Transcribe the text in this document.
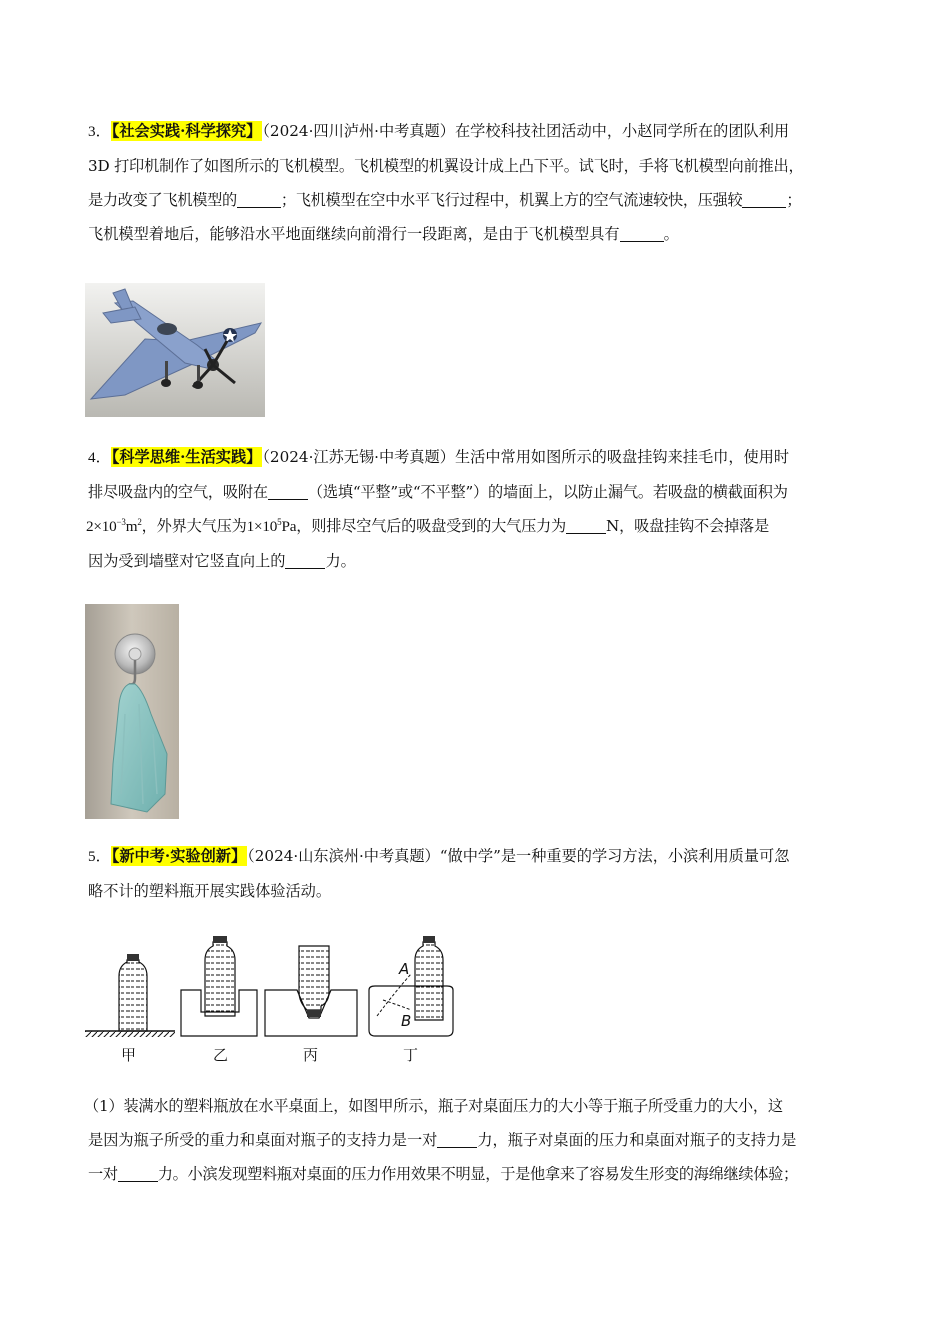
3．【社会实践·科学探究】（2024·四川泸州·中考真题）在学校科技社团活动中，小赵同学所在的团队利用

3D 打印机制作了如图所示的飞机模型。飞机模型的机翼设计成上凸下平。试飞时，手将飞机模型向前推出，

是力改变了飞机模型的	；飞机模型在空中水平飞行过程中，机翼上方的空气流速较快，压强较	；

飞机模型着地后，能够沿水平地面继续向前滑行一段距离，是由于飞机模型具有	。

4．【科学思维·生活实践】（2024·江苏无锡·中考真题）生活中常用如图所示的吸盘挂钩来挂毛巾，使用时

排尽吸盘内的空气，吸附在	（选填“平整”或“不平整”）的墙面上，以防止漏气。若吸盘的横截面积为

$2\times 10^{-3}m^2$，外界大气压为$1\times 10^5Pa$，则排尽空气后的吸盘受到的大气压力为	N，吸盘挂钩不会掉落是

因为受到墙壁对它竖直向上的	力。

5．【新中考·实验创新】（2024·山东滨州·中考真题）“做中学”是一种重要的学习方法，小滨利用质量可忽

略不计的塑料瓶开展实践体验活动。

A
B
甲	乙	丙	丁

（1）装满水的塑料瓶放在水平桌面上，如图甲所示，瓶子对桌面压力的大小等于瓶子所受重力的大小，这

是因为瓶子所受的重力和桌面对瓶子的支持力是一对	力，瓶子对桌面的压力和桌面对瓶子的支持力是

一对	力。小滨发现塑料瓶对桌面的压力作用效果不明显，于是他拿来了容易发生形变的海绵继续体验；
